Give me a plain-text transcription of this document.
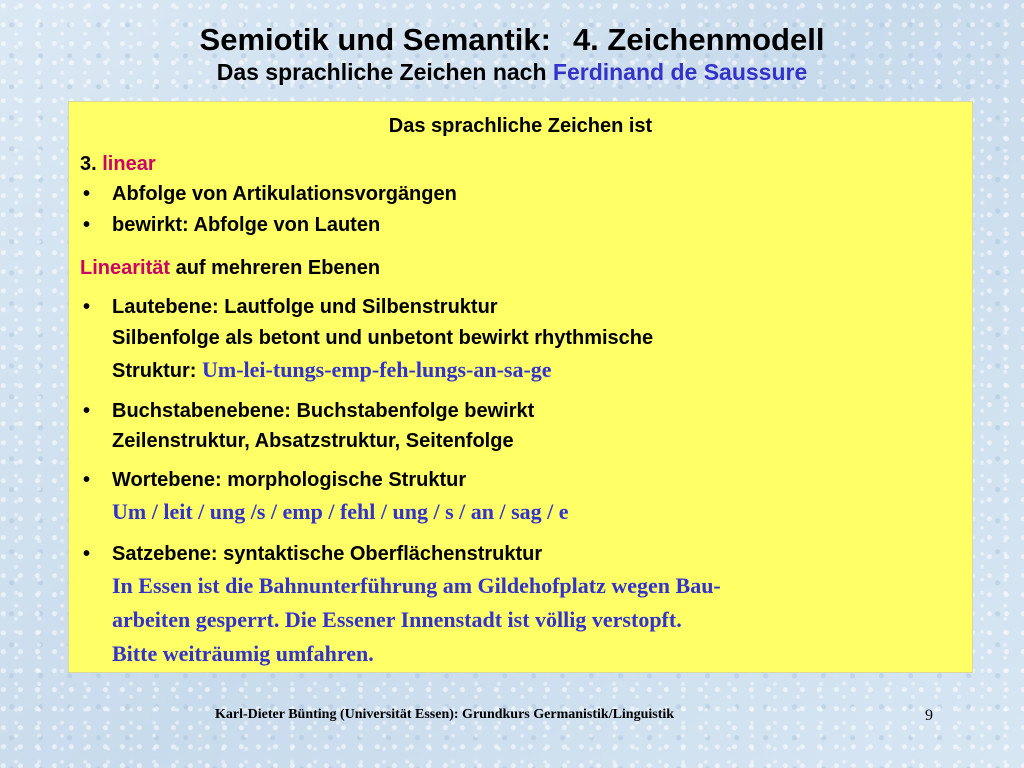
Semiotik und Semantik: 4. Zeichenmodell
Das sprachliche Zeichen nach Ferdinand de Saussure
Das sprachliche Zeichen ist
3. linear
• Abfolge von Artikulationsvorgängen
• bewirkt: Abfolge von Lauten
Linearität auf mehreren Ebenen
• Lautebene: Lautfolge und Silbenstruktur
Silbenfolge als betont und unbetont bewirkt rhythmische
Struktur: Um-lei-tungs-emp-feh-lungs-an-sa-ge
• Buchstabenebene: Buchstabenfolge bewirkt
Zeilenstruktur, Absatzstruktur, Seitenfolge
• Wortebene: morphologische Struktur
Um / leit / ung /s / emp / fehl / ung / s / an / sag / e
• Satzebene: syntaktische Oberflächenstruktur
In Essen ist die Bahnunterführung am Gildehofplatz wegen Bau-
arbeiten gesperrt. Die Essener Innenstadt ist völlig verstopft.
Bitte weiträumig umfahren.
Karl-Dieter Bünting (Universität Essen): Grundkurs Germanistik/Linguistik	9
